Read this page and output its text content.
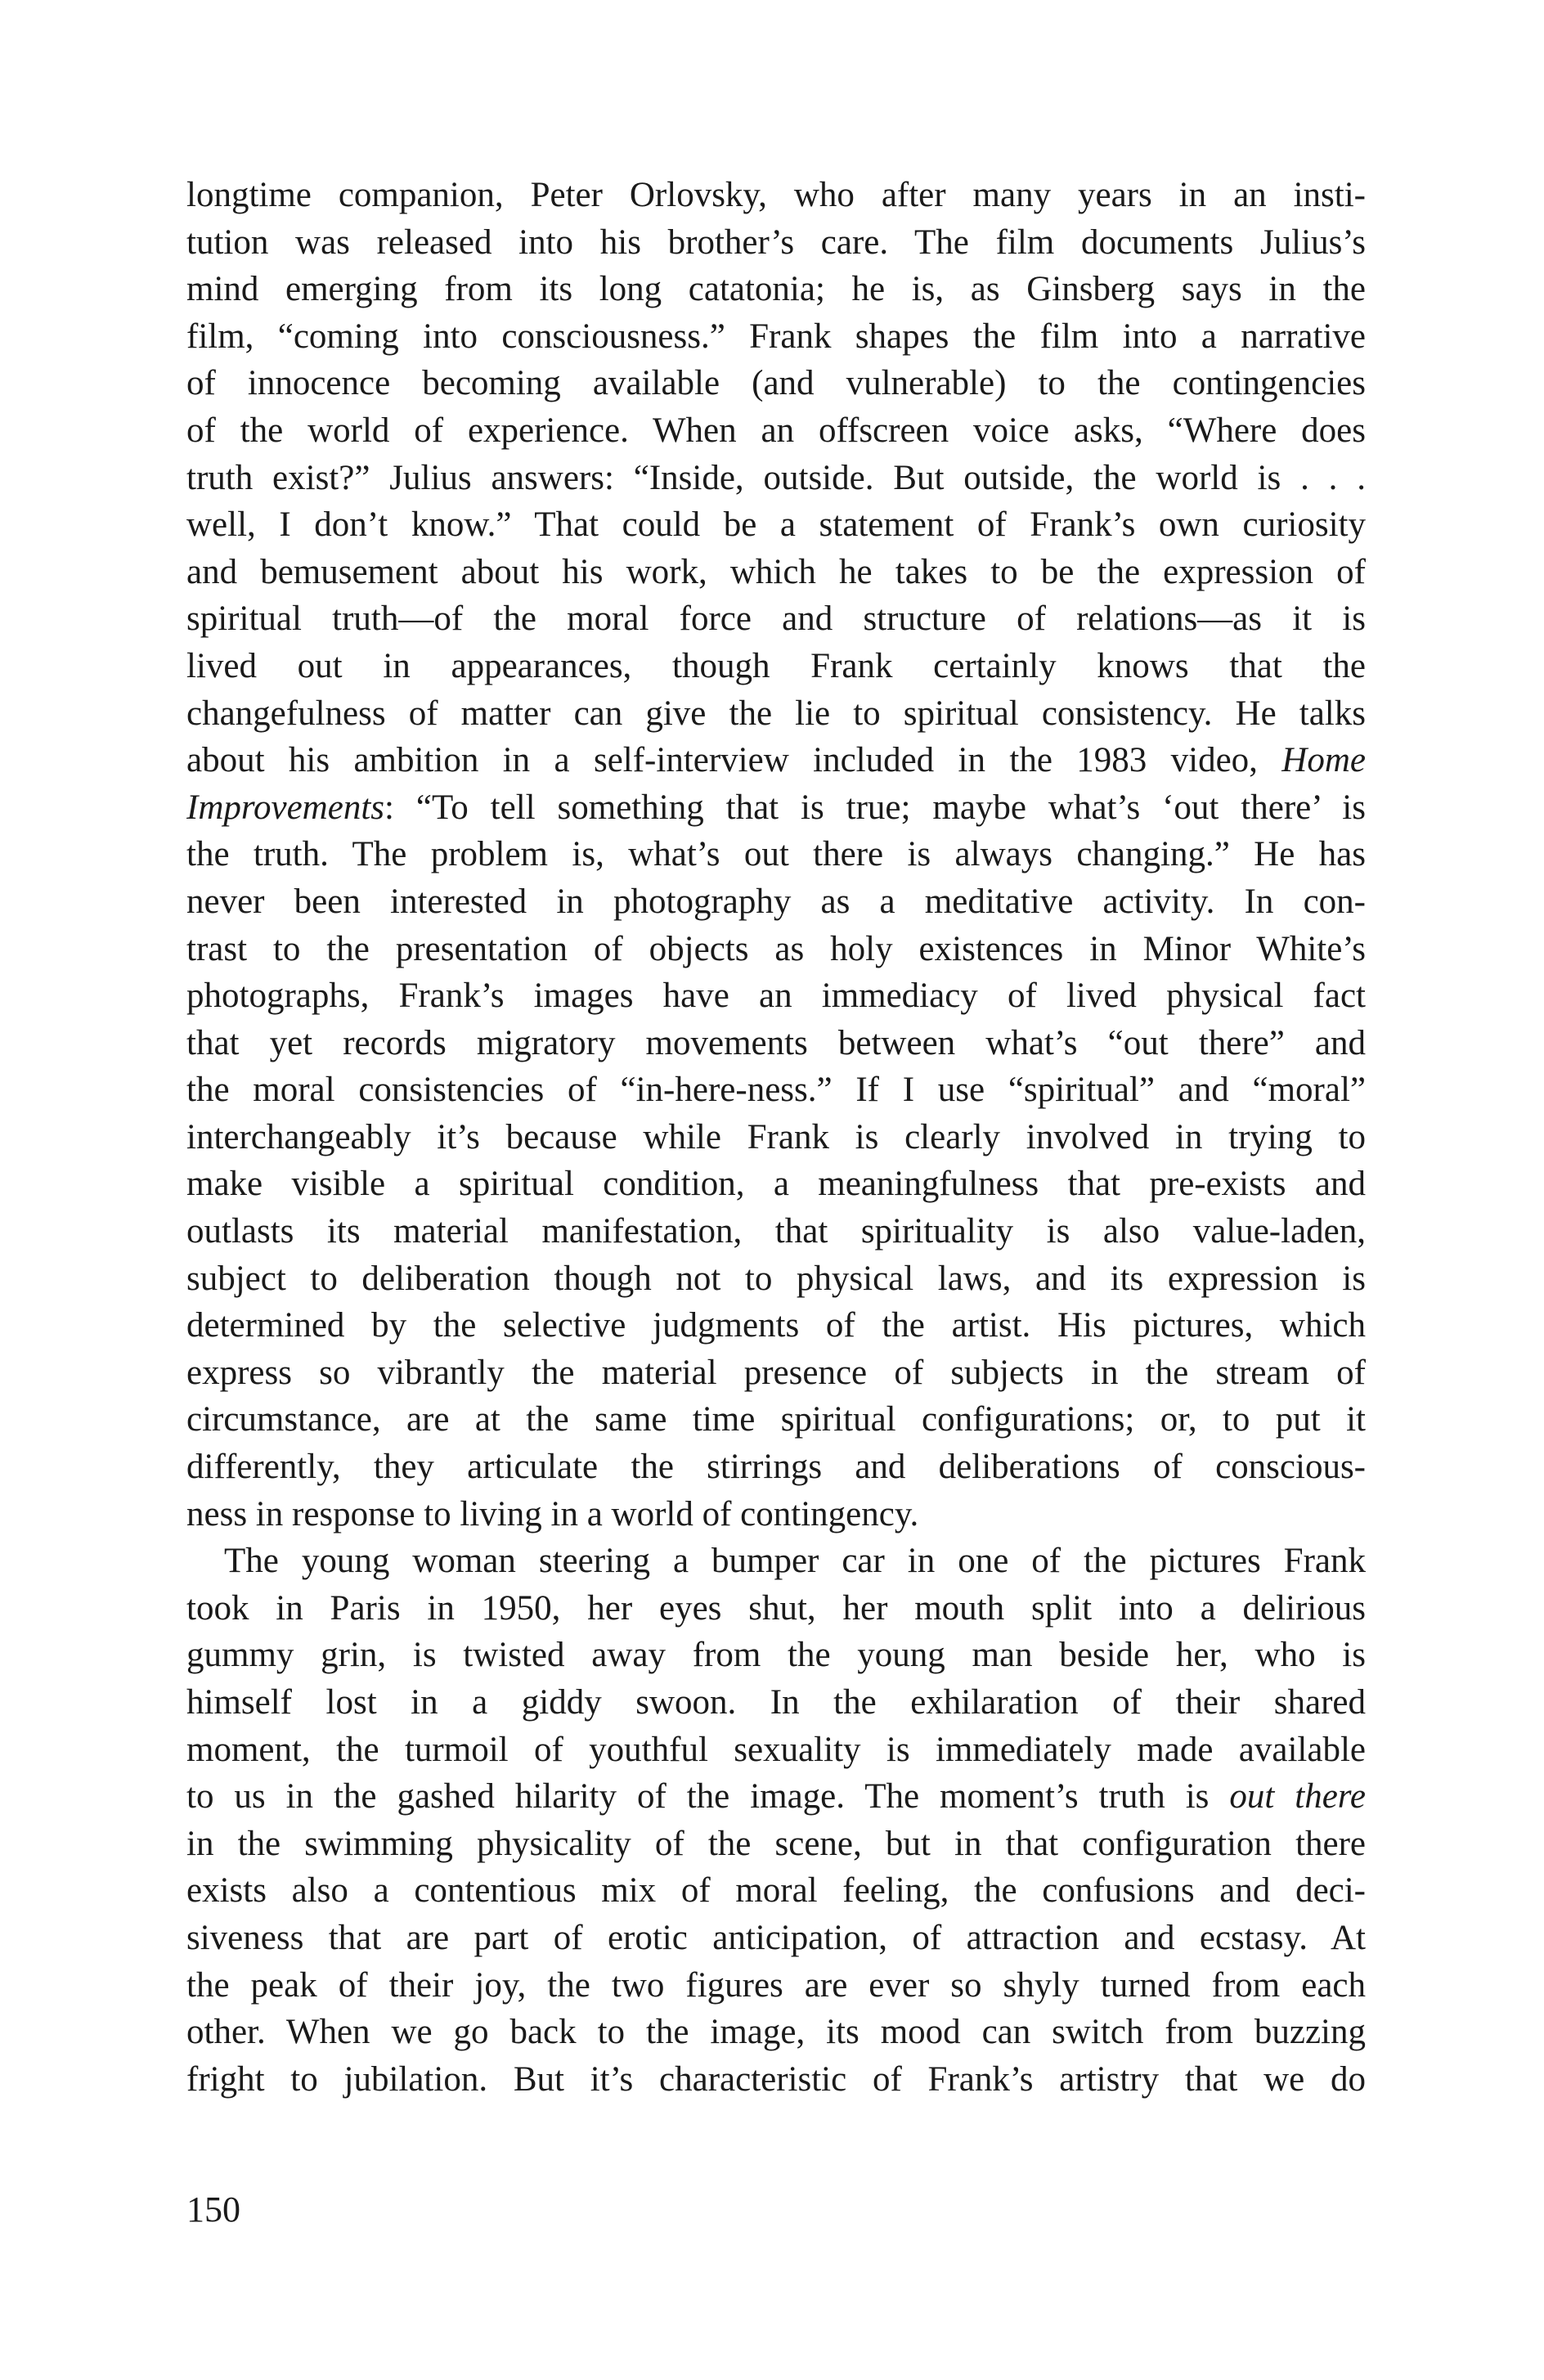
longtime companion, Peter Orlovsky, who after many years in an insti-
tution was released into his brother’s care. The film documents Julius’s
mind emerging from its long catatonia; he is, as Ginsberg says in the
film, “coming into consciousness.” Frank shapes the film into a narrative
of innocence becoming available (and vulnerable) to the contingencies
of the world of experience. When an offscreen voice asks, “Where does
truth exist?” Julius answers: “Inside, outside. But outside, the world is . . .
well, I don’t know.” That could be a statement of Frank’s own curiosity
and bemusement about his work, which he takes to be the expression of
spiritual truth—of the moral force and structure of relations—as it is
lived out in appearances, though Frank certainly knows that the
changefulness of matter can give the lie to spiritual consistency. He talks
about his ambition in a self-interview included in the 1983 video, Home
Improvements: “To tell something that is true; maybe what’s ‘out there’ is
the truth. The problem is, what’s out there is always changing.” He has
never been interested in photography as a meditative activity. In con-
trast to the presentation of objects as holy existences in Minor White’s
photographs, Frank’s images have an immediacy of lived physical fact
that yet records migratory movements between what’s “out there” and
the moral consistencies of “in-here-ness.” If I use “spiritual” and “moral”
interchangeably it’s because while Frank is clearly involved in trying to
make visible a spiritual condition, a meaningfulness that pre-exists and
outlasts its material manifestation, that spirituality is also value-laden,
subject to deliberation though not to physical laws, and its expression is
determined by the selective judgments of the artist. His pictures, which
express so vibrantly the material presence of subjects in the stream of
circumstance, are at the same time spiritual configurations; or, to put it
differently, they articulate the stirrings and deliberations of conscious-
ness in response to living in a world of contingency.
The young woman steering a bumper car in one of the pictures Frank
took in Paris in 1950, her eyes shut, her mouth split into a delirious
gummy grin, is twisted away from the young man beside her, who is
himself lost in a giddy swoon. In the exhilaration of their shared
moment, the turmoil of youthful sexuality is immediately made available
to us in the gashed hilarity of the image. The moment’s truth is out there
in the swimming physicality of the scene, but in that configuration there
exists also a contentious mix of moral feeling, the confusions and deci-
siveness that are part of erotic anticipation, of attraction and ecstasy. At
the peak of their joy, the two figures are ever so shyly turned from each
other. When we go back to the image, its mood can switch from buzzing
fright to jubilation. But it’s characteristic of Frank’s artistry that we do
150
